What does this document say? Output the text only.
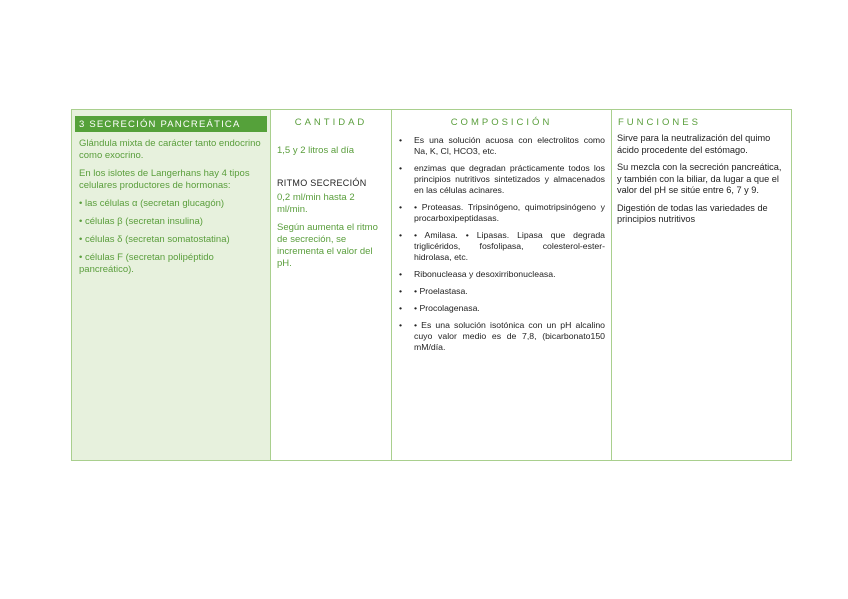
3 SECRECIÓN PANCREÁTICA

Glándula mixta de carácter tanto endocrino como exocrino.

En los islotes de Langerhans hay 4 tipos celulares productores de hormonas:

• las células α (secretan glucagón)
• células β (secretan insulina)
• células δ (secretan somatostatina)
• células F (secretan polipéptido pancreático).
CANTIDAD

1,5 y 2 litros al día

RITMO SECRECIÓN

0,2 ml/min hasta 2 ml/min.

Según aumenta el ritmo de secreción, se incrementa el valor del pH.

COMPOSICIÓN
• Es una solución acuosa con electrolitos como Na, K, Cl, HCO3, etc.
• enzimas que degradan prácticamente todos los principios nutritivos sintetizados y almacenados en las células acinares.
• • Proteasas. Tripsinógeno, quimotripsinógeno y procarboxipeptidasas.
• • Amilasa. • Lipasas. Lipasa que degrada triglicéridos, fosfolipasa, colesterol-ester-hidrolasa, etc.
• Ribonucleasa y desoxirribonucleasa.
• • Proelastasa.
• • Procolagenasa.
• • Es una solución isotónica con un pH alcalino cuyo valor medio es de 7,8, (bicarbonato150 mM/día.
FUNCIONES

Sirve para la neutralización del quimo ácido procedente del estómago.

Su mezcla con la secreción pancreática, y también con la biliar, da lugar a que el valor del pH se sitúe entre 6, 7 y 9.

Digestión de todas las variedades de principios nutritivos
